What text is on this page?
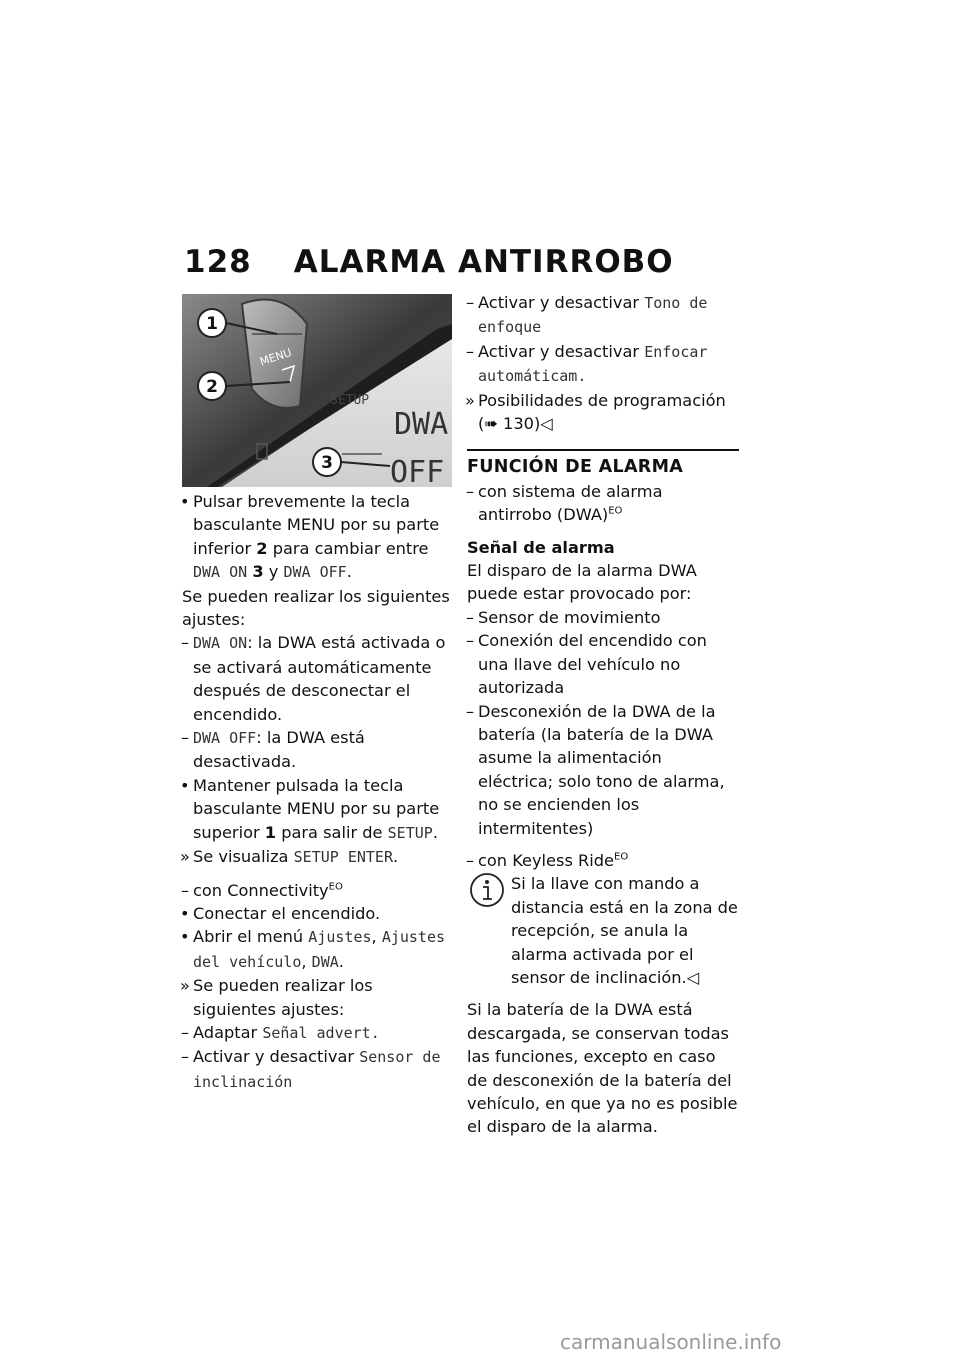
128 ALARMA ANTIRROBO
MENU
SETUP
DWA
OFF
1
2
3
• Pulsar brevemente la tecla basculante MENU por su parte inferior 2 para cambiar entre DWA ON 3 y DWA OFF.
Se pueden realizar los siguientes ajustes:
– DWA ON: la DWA está activada o se activará automáticamente después de desconectar el encendido.
– DWA OFF: la DWA está desactivada.
• Mantener pulsada la tecla basculante MENU por su parte superior 1 para salir de SETUP.
» Se visualiza SETUP ENTER.
– con Connectivity$^{EO}$
• Conectar el encendido.
• Abrir el menú Ajustes, Ajustes del vehículo, DWA.
» Se pueden realizar los siguientes ajustes:
– Adaptar Señal advert.
– Activar y desactivar Sensor de inclinación
– Activar y desactivar Tono de enfoque
– Activar y desactivar Enfocar automáticam.
» Posibilidades de programación (➠ 130)◁
FUNCIÓN DE ALARMA
– con sistema de alarma antirrobo (DWA)$^{EO}$
Señal de alarma
El disparo de la alarma DWA puede estar provocado por:
– Sensor de movimiento
– Conexión del encendido con una llave del vehículo no autorizada
– Desconexión de la DWA de la batería (la batería de la DWA asume la alimentación eléctrica; solo tono de alarma, no se encienden los intermitentes)
– con Keyless Ride$^{EO}$
Si la llave con mando a distancia está en la zona de recepción, se anula la alarma activada por el sensor de inclinación.◁
Si la batería de la DWA está descargada, se conservan todas las funciones, excepto en caso de desconexión de la batería del vehículo, en que ya no es posible el disparo de la alarma.
carmanualsonline.info
